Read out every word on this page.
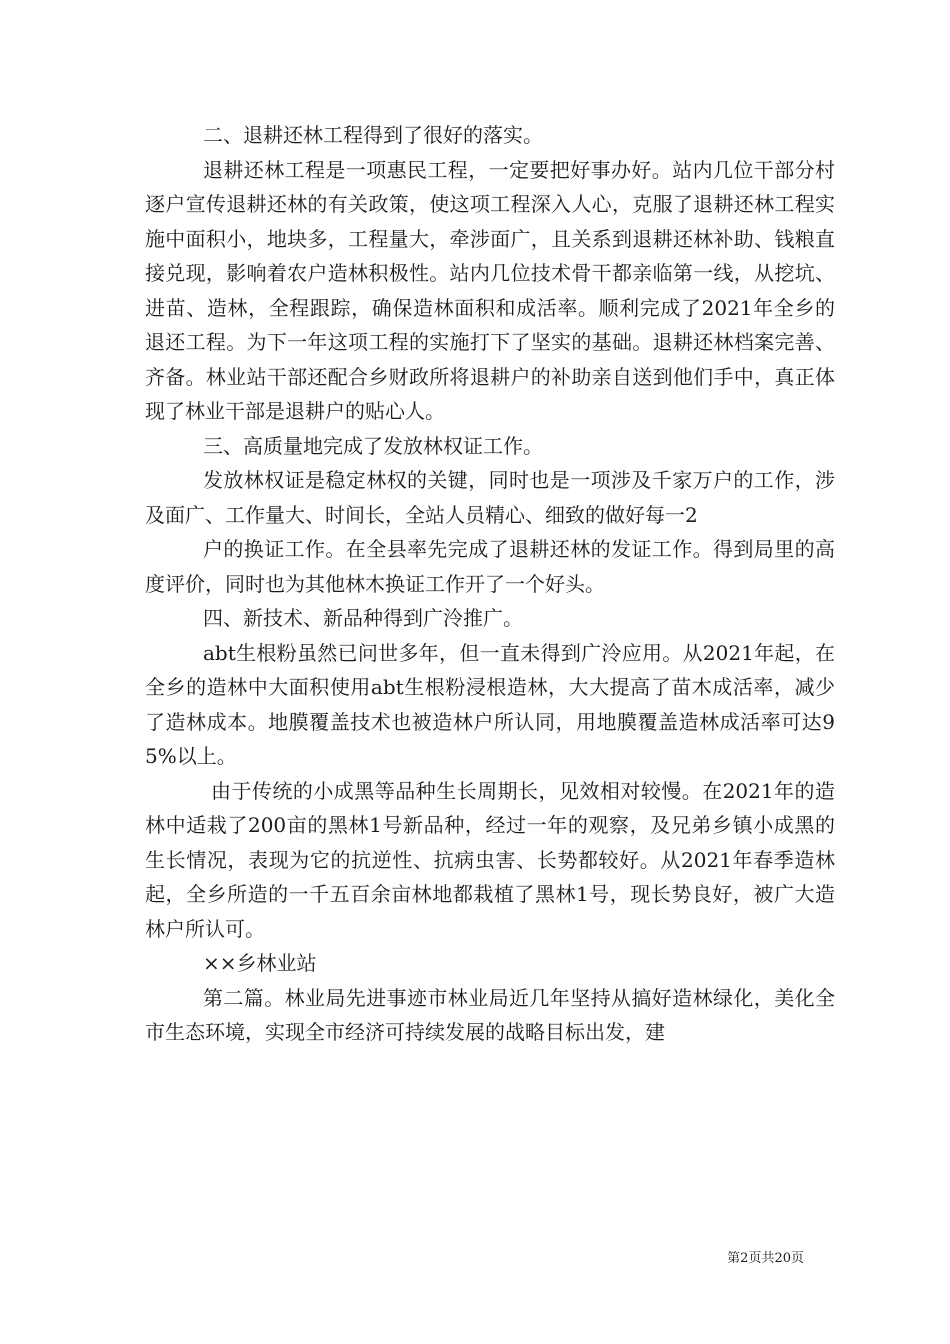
二、退耕还林工程得到了很好的落实。

退耕还林工程是一项惠民工程，一定要把好事办好。站内几位干部分村逐户宣传退耕还林的有关政策，使这项工程深入人心，克服了退耕还林工程实施中面积小，地块多，工程量大，牵涉面广，且关系到退耕还林补助、钱粮直接兑现，影响着农户造林积极性。站内几位技术骨干都亲临第一线，从挖坑、进苗、造林，全程跟踪，确保造林面积和成活率。顺利完成了2021年全乡的退还工程。为下一年这项工程的实施打下了坚实的基础。退耕还林档案完善、齐备。林业站干部还配合乡财政所将退耕户的补助亲自送到他们手中，真正体现了林业干部是退耕户的贴心人。

三、高质量地完成了发放林权证工作。

发放林权证是稳定林权的关键，同时也是一项涉及千家万户的工作，涉及面广、工作量大、时间长，全站人员精心、细致的做好每一2

户的换证工作。在全县率先完成了退耕还林的发证工作。得到局里的高度评价，同时也为其他林木换证工作开了一个好头。

四、新技术、新品种得到广泠推广。

abt生根粉虽然已问世多年，但一直未得到广泠应用。从2021年起，在全乡的造林中大面积使用abt生根粉浸根造林，大大提高了苗木成活率，减少了造林成本。地膜覆盖技术也被造林户所认同，用地膜覆盖造林成活率可达95%以上。

由于传统的小成黑等品种生长周期长，见效相对较慢。在2021年的造林中适栽了200亩的黑林1号新品种，经过一年的观察，及兄弟乡镇小成黑的生长情况，表现为它的抗逆性、抗病虫害、长势都较好。从2021年春季造林起，全乡所造的一千五百余亩林地都栽植了黑林1号，现长势良好，被广大造林户所认可。

××乡林业站

第二篇。林业局先进事迹市林业局近几年坚持从搞好造林绿化，美化全市生态环境，实现全市经济可持续发展的战略目标出发，建

第2页共20页
